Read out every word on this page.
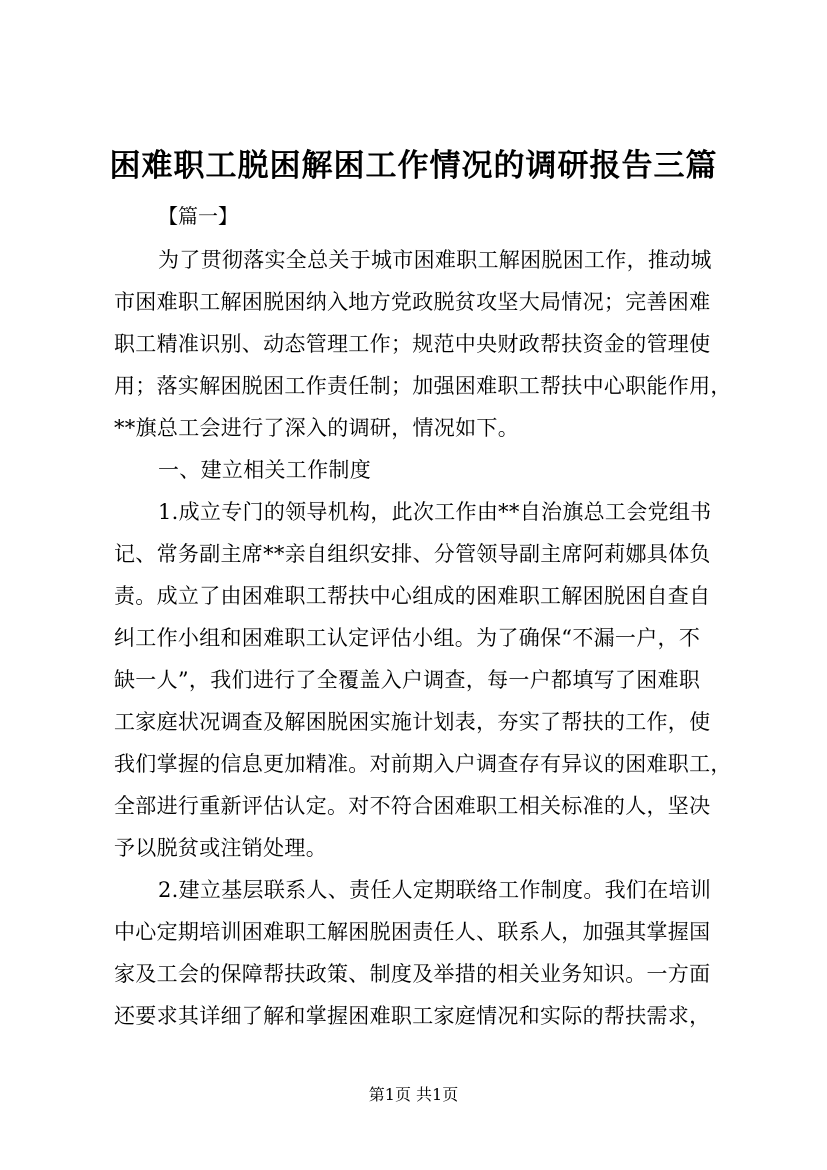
困难职工脱困解困工作情况的调研报告三篇
【篇一】
为了贯彻落实全总关于城市困难职工解困脱困工作，推动城
市困难职工解困脱困纳入地方党政脱贫攻坚大局情况；完善困难
职工精准识别、动态管理工作；规范中央财政帮扶资金的管理使
用；落实解困脱困工作责任制；加强困难职工帮扶中心职能作用，
**旗总工会进行了深入的调研，情况如下。
一、建立相关工作制度
1.成立专门的领导机构，此次工作由**自治旗总工会党组书
记、常务副主席**亲自组织安排、分管领导副主席阿莉娜具体负
责。成立了由困难职工帮扶中心组成的困难职工解困脱困自查自
纠工作小组和困难职工认定评估小组。为了确保“不漏一户，不
缺一人”，我们进行了全覆盖入户调查，每一户都填写了困难职
工家庭状况调查及解困脱困实施计划表，夯实了帮扶的工作，使
我们掌握的信息更加精准。对前期入户调查存有异议的困难职工，
全部进行重新评估认定。对不符合困难职工相关标准的人，坚决
予以脱贫或注销处理。
2.建立基层联系人、责任人定期联络工作制度。我们在培训
中心定期培训困难职工解困脱困责任人、联系人，加强其掌握国
家及工会的保障帮扶政策、制度及举措的相关业务知识。一方面
还要求其详细了解和掌握困难职工家庭情况和实际的帮扶需求，
第1页 共1页
